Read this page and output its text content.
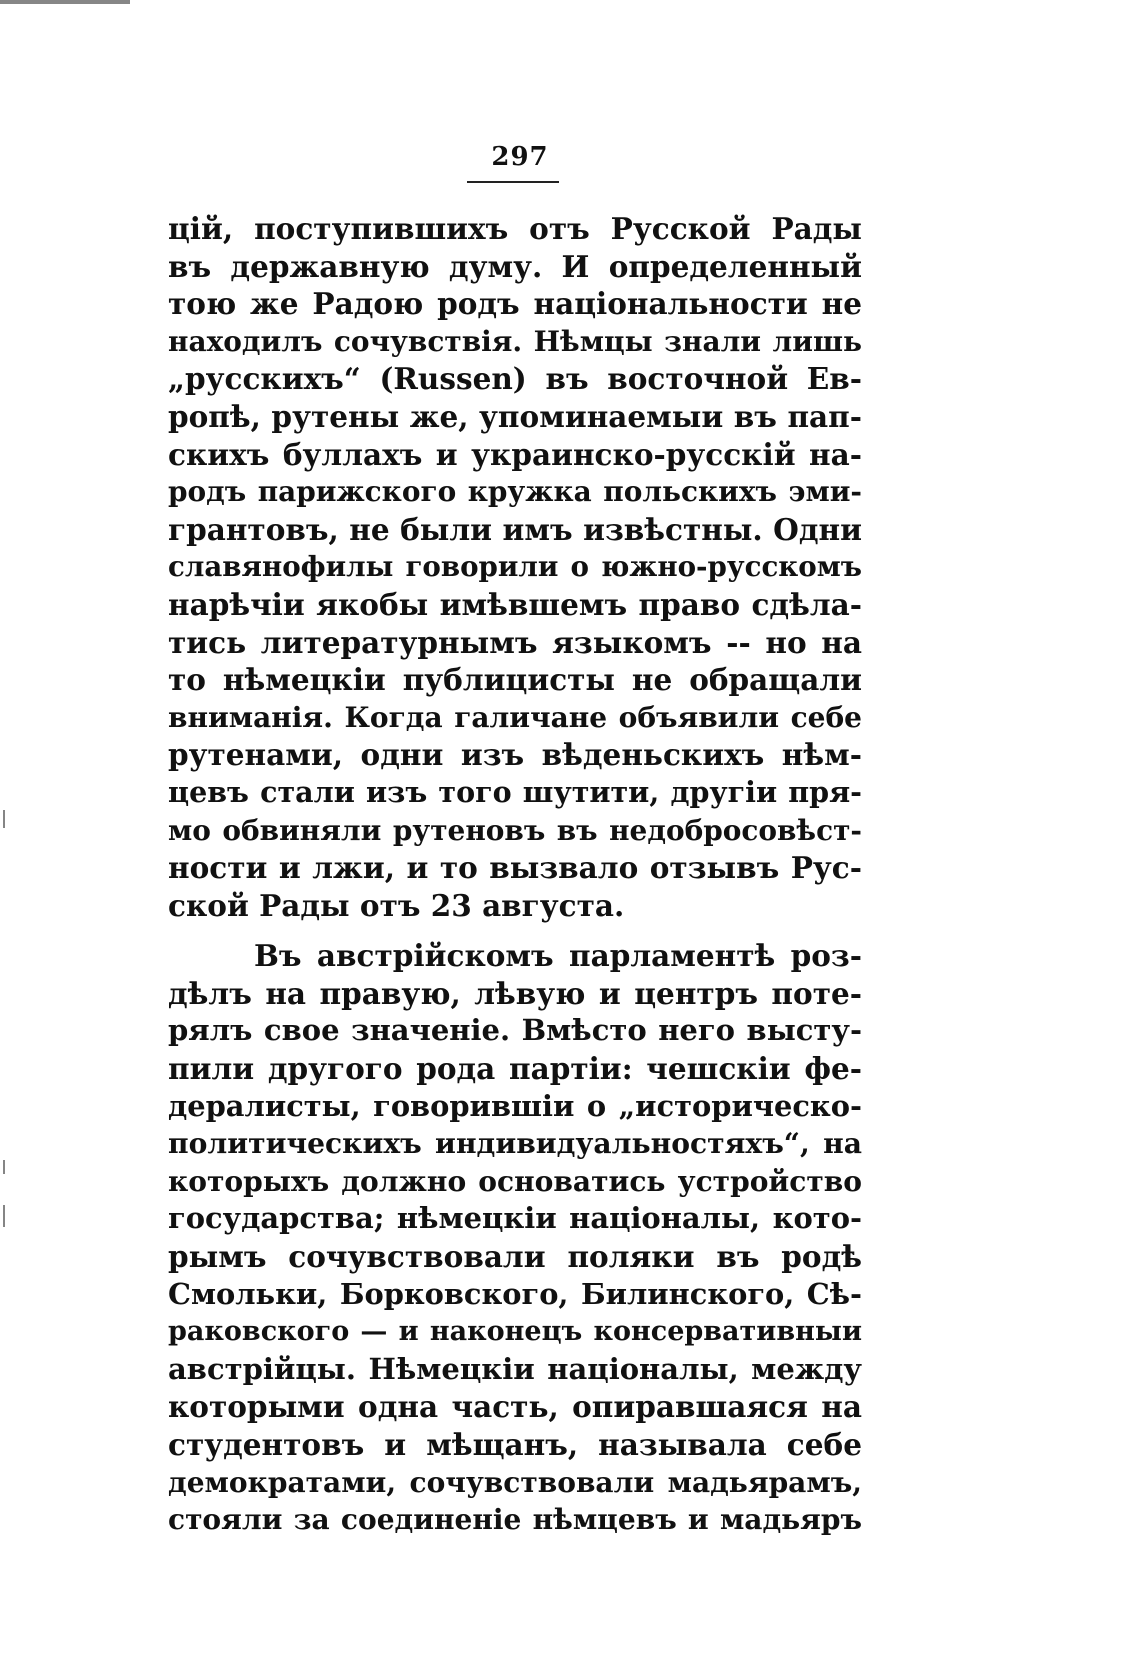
297
цій, поступившихъ отъ Русской Рады
въ державную думу. И определенный
тою же Радою родъ національности не
находилъ сочувствія. Нѣмцы знали лишь
„русскихъ“ (Russen) въ восточной Ев-
ропѣ, рутены же, упоминаемыи въ пап-
скихъ буллахъ и украинско-русскій на-
родъ парижского кружка польскихъ эми-
грантовъ, не были имъ извѣстны. Одни
славянофилы говорили о южно-русскомъ
нарѣчіи якобы имѣвшемъ право сдѣла-
тись литературнымъ языкомъ -- но на
то нѣмецкіи публицисты не обращали
вниманія. Когда галичане объявили себе
рутенами, одни изъ вѣденьскихъ нѣм-
цевъ стали изъ того шутити, другіи пря-
мо обвиняли рутеновъ въ недобросовѣст-
ности и лжи, и то вызвало отзывъ Рус-
ской Рады отъ 23 августа.
Въ австрійскомъ парламентѣ роз-
дѣлъ на правую, лѣвую и центръ поте-
рялъ свое значеніе. Вмѣсто него высту-
пили другого рода партіи: чешскіи фе-
дералисты, говорившіи о „историческо-
политическихъ индивидуальностяхъ“, на
которыхъ должно основатись устройство
государства; нѣмецкіи націоналы, кото-
рымъ сочувствовали поляки въ родѣ
Смольки, Борковского, Билинского, Сѣ-
раковского — и наконецъ консервативныи
австрійцы. Нѣмецкіи націоналы, между
которыми одна часть, опиравшаяся на
студентовъ и мѣщанъ, называла себе
демократами, сочувствовали мадьярамъ,
стояли за соединеніе нѣмцевъ и мадьяръ
